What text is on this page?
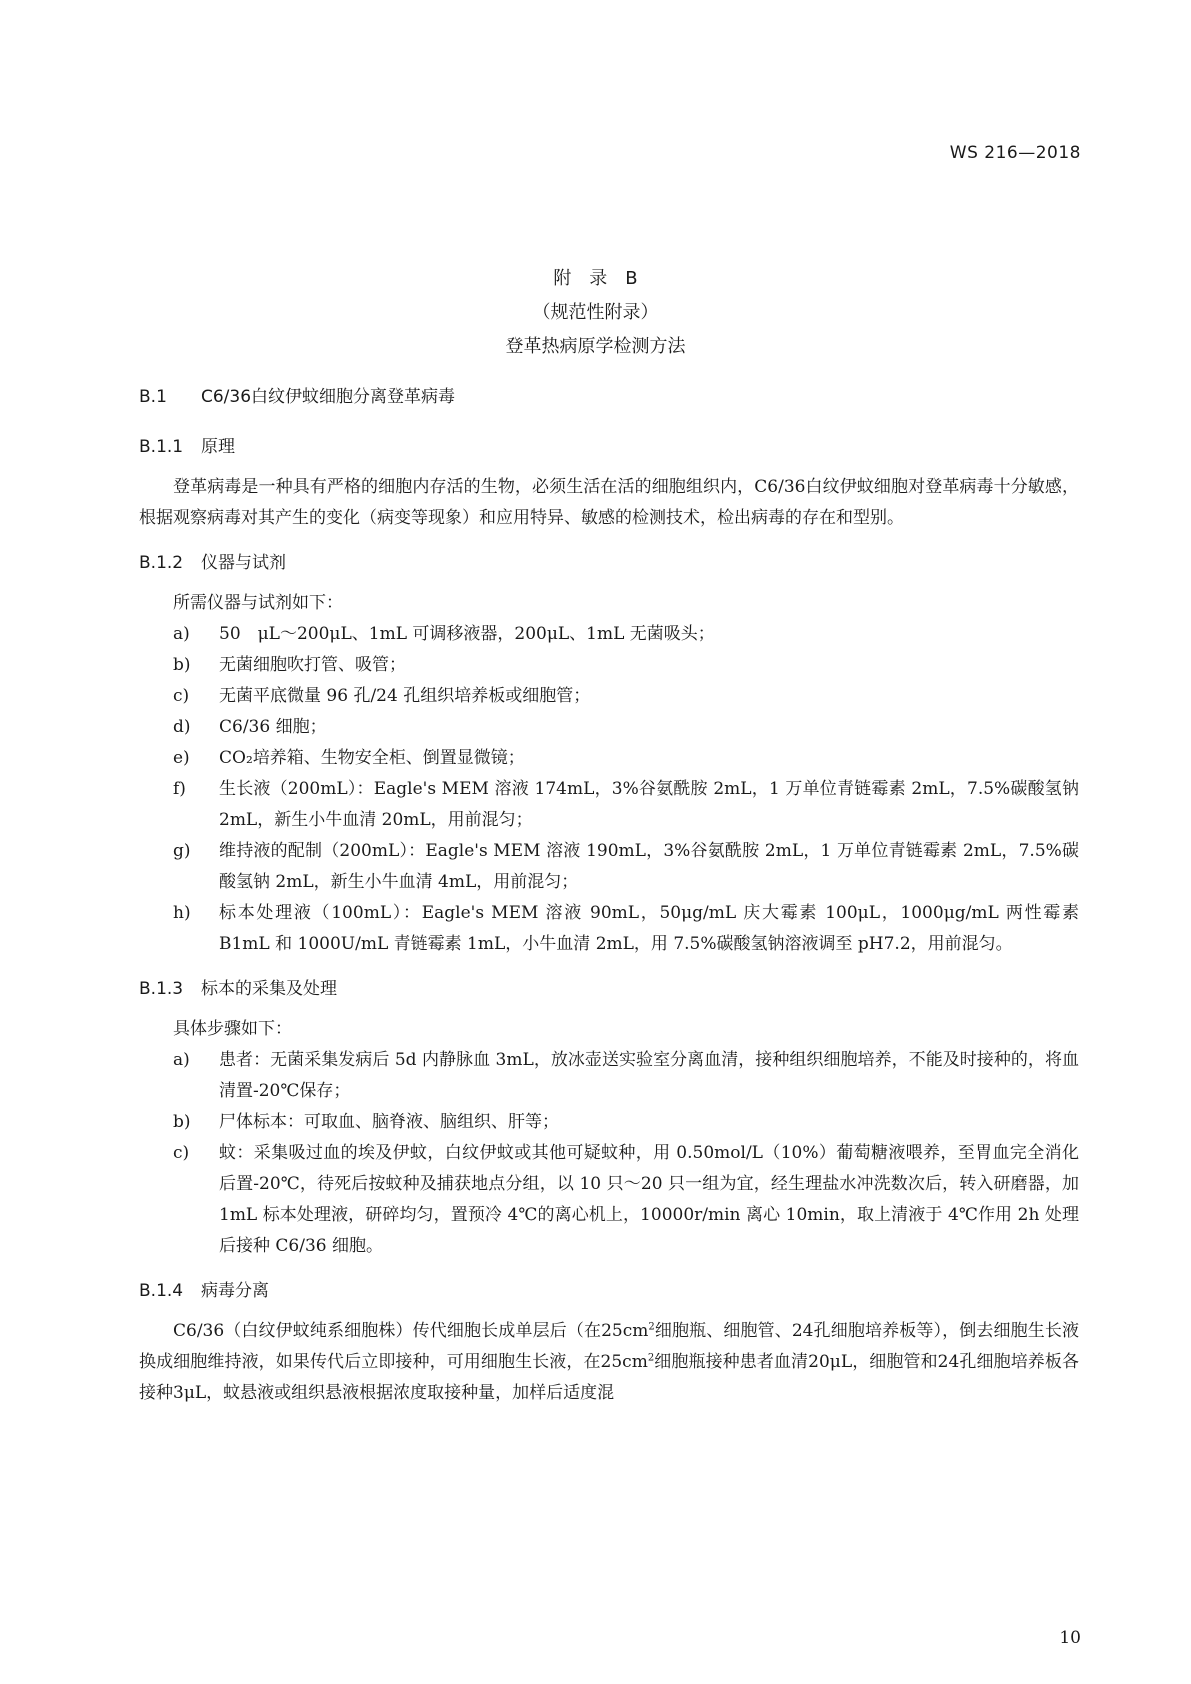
WS 216—2018
附　录　B
（规范性附录）
登革热病原学检测方法
B.1 C6/36白纹伊蚊细胞分离登革病毒
B.1.1 原理

登革病毒是一种具有严格的细胞内存活的生物，必须生活在活的细胞组织内，C6/36白纹伊蚊细胞对登革病毒十分敏感，根据观察病毒对其产生的变化（病变等现象）和应用特异、敏感的检测技术，检出病毒的存在和型别。

B.1.2 仪器与试剂

所需仪器与试剂如下：

a) 50　μL～200μL、1mL 可调移液器，200μL、1mL 无菌吸头；
b) 无菌细胞吹打管、吸管；
c) 无菌平底微量 96 孔/24 孔组织培养板或细胞管；
d) C6/36 细胞；
e) CO₂培养箱、生物安全柜、倒置显微镜；
f) 生长液（200mL）：Eagle's MEM 溶液 174mL，3%谷氨酰胺 2mL，1 万单位青链霉素 2mL，7.5%碳酸氢钠 2mL，新生小牛血清 20mL，用前混匀；
g) 维持液的配制（200mL）：Eagle's MEM 溶液 190mL，3%谷氨酰胺 2mL，1 万单位青链霉素 2mL，7.5%碳酸氢钠 2mL，新生小牛血清 4mL，用前混匀；
h) 标本处理液（100mL）：Eagle's MEM 溶液 90mL，50μg/mL 庆大霉素 100μL，1000μg/mL 两性霉素 B1mL 和 1000U/mL 青链霉素 1mL，小牛血清 2mL，用 7.5%碳酸氢钠溶液调至 pH7.2，用前混匀。
B.1.3 标本的采集及处理

具体步骤如下：

a) 患者：无菌采集发病后 5d 内静脉血 3mL，放冰壶送实验室分离血清，接种组织细胞培养，不能及时接种的，将血清置-20℃保存；
b) 尸体标本：可取血、脑脊液、脑组织、肝等；
c) 蚊：采集吸过血的埃及伊蚊，白纹伊蚊或其他可疑蚊种，用 0.50mol/L（10%）葡萄糖液喂养，至胃血完全消化后置-20℃，待死后按蚊种及捕获地点分组，以 10 只～20 只一组为宜，经生理盐水冲洗数次后，转入研磨器，加 1mL 标本处理液，研碎均匀，置预冷 4℃的离心机上，10000r/min 离心 10min，取上清液于 4℃作用 2h 处理后接种 C6/36 细胞。
B.1.4 病毒分离

C6/36（白纹伊蚊纯系细胞株）传代细胞长成单层后（在$25cm^2$细胞瓶、细胞管、24孔细胞培养板等），倒去细胞生长液换成细胞维持液，如果传代后立即接种，可用细胞生长液，在$25cm^2$细胞瓶接种患者血清20μL，细胞管和24孔细胞培养板各接种3μL，蚊悬液或组织悬液根据浓度取接种量，加样后适度混

10
